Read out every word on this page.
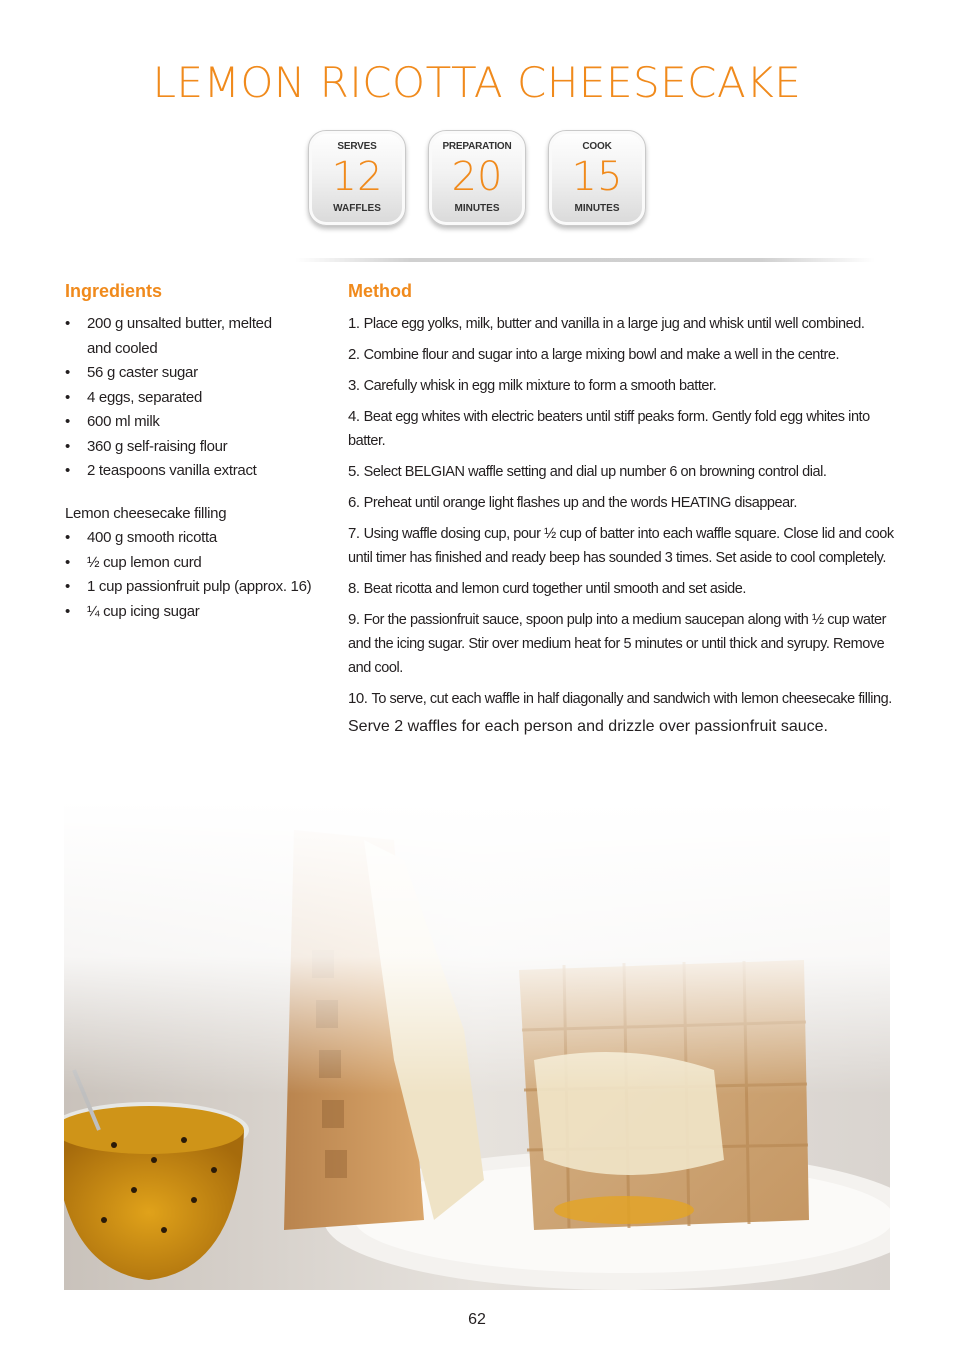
LEMON RICOTTA CHEESECAKE
SERVES
12
WAFFLES
PREPARATION
20
MINUTES
COOK
15
MINUTES
Ingredients
• 200 g unsalted butter, melted
and cooled
• 56 g caster sugar
• 4 eggs, separated
• 600 ml milk
• 360 g self-raising flour
• 2 teaspoons vanilla extract
Lemon cheesecake filling
• 400 g smooth ricotta
• ½ cup lemon curd
• 1 cup passionfruit pulp (approx. 16)
• ¼ cup icing sugar
Method
1. Place egg yolks, milk, butter and vanilla in a large jug and whisk until well combined.
2. Combine flour and sugar into a large mixing bowl and make a well in the centre.
3. Carefully whisk in egg milk mixture to form a smooth batter.
4. Beat egg whites with electric beaters until stiff peaks form. Gently fold egg whites into batter.
5. Select BELGIAN waffle setting and dial up number 6 on browning control dial.
6. Preheat until orange light flashes up and the words HEATING disappear.
7. Using waffle dosing cup, pour ½ cup of batter into each waffle square. Close lid and cook until timer has finished and ready beep has sounded 3 times. Set aside to cool completely.
8. Beat ricotta and lemon curd together until smooth and set aside.
9. For the passionfruit sauce, spoon pulp into a medium saucepan along with ½ cup water and the icing sugar. Stir over medium heat for 5 minutes or until thick and syrupy. Remove and cool.
10. To serve, cut each waffle in half diagonally and sandwich with lemon cheesecake filling.
Serve 2 waffles for each person and drizzle over passionfruit sauce.
62
